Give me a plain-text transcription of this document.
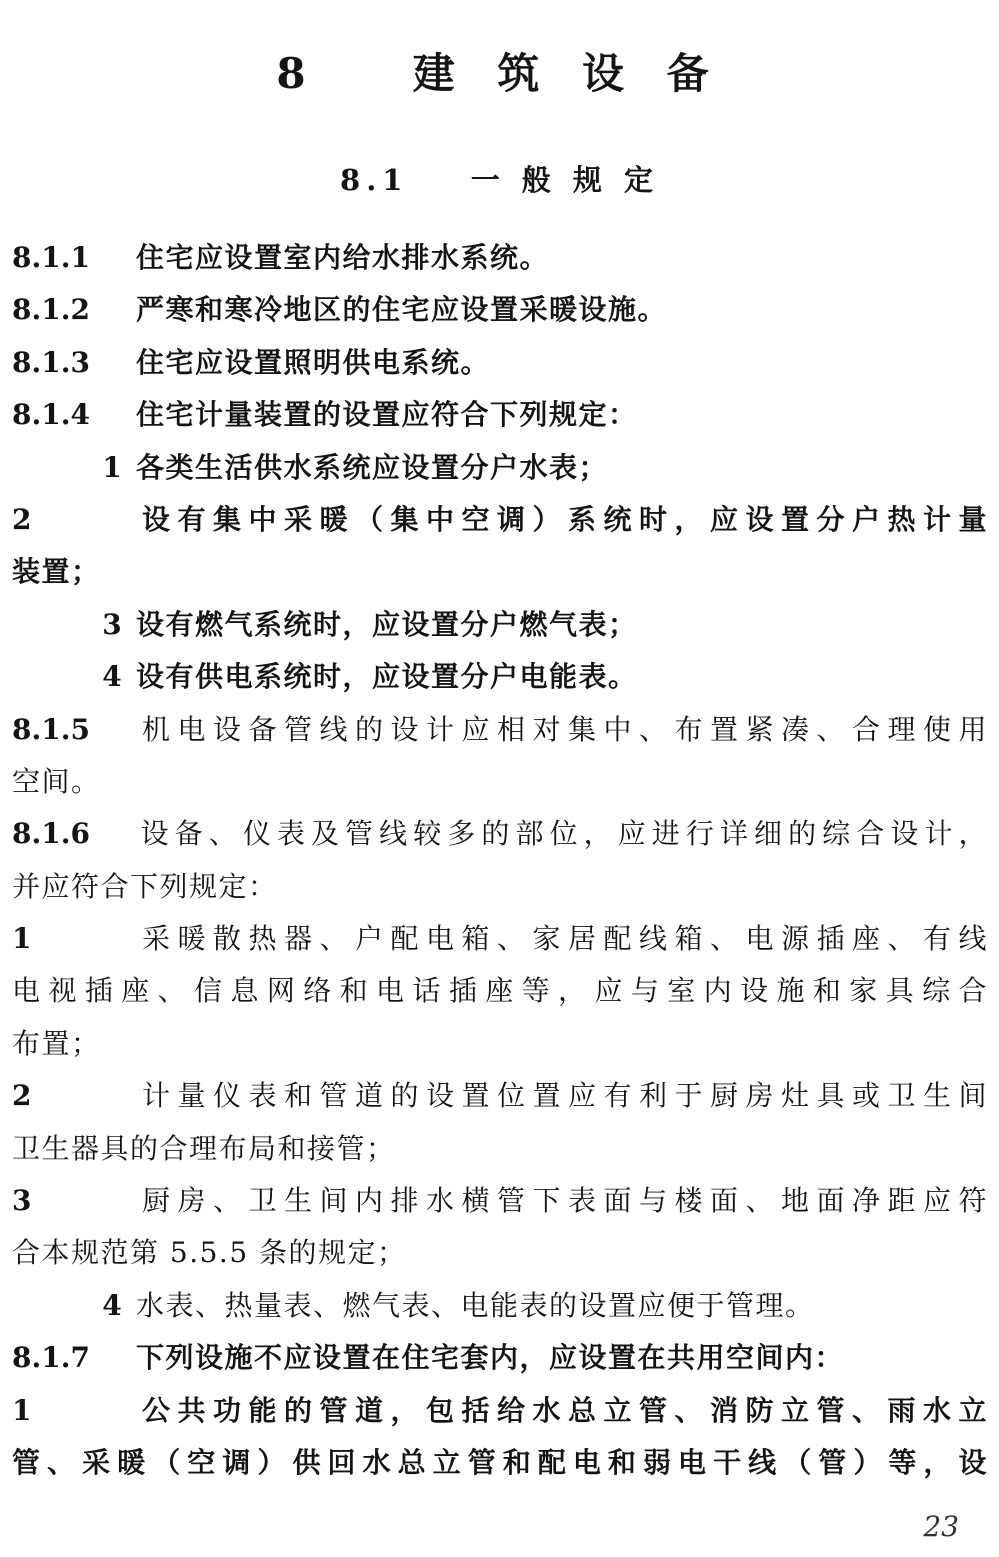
8 建 筑 设 备
8.1 一 般 规 定
8.1.1 住宅应设置室内给水排水系统。
8.1.2 严寒和寒冷地区的住宅应设置采暖设施。
8.1.3 住宅应设置照明供电系统。
8.1.4 住宅计量装置的设置应符合下列规定：
1 各类生活供水系统应设置分户水表；
2	设有集中采暖（集中空调）系统时，应设置分户热计量
装置；
3 设有燃气系统时，应设置分户燃气表；
4 设有供电系统时，应设置分户电能表。
8.1.5 机电设备管线的设计应相对集中、布置紧凑、合理使用
空间。
8.1.6 设备、仪表及管线较多的部位，应进行详细的综合设计，
并应符合下列规定：
1	采暖散热器、户配电箱、家居配线箱、电源插座、有线
电视插座、信息网络和电话插座等，应与室内设施和家具综合
布置；
2	计量仪表和管道的设置位置应有利于厨房灶具或卫生间
卫生器具的合理布局和接管；
3	厨房、卫生间内排水横管下表面与楼面、地面净距应符
合本规范第 5.5.5 条的规定；
4 水表、热量表、燃气表、电能表的设置应便于管理。
8.1.7 下列设施不应设置在住宅套内，应设置在共用空间内：
1	公共功能的管道，包括给水总立管、消防立管、雨水立
管、采暖（空调）供回水总立管和配电和弱电干线（管）等，设
23
